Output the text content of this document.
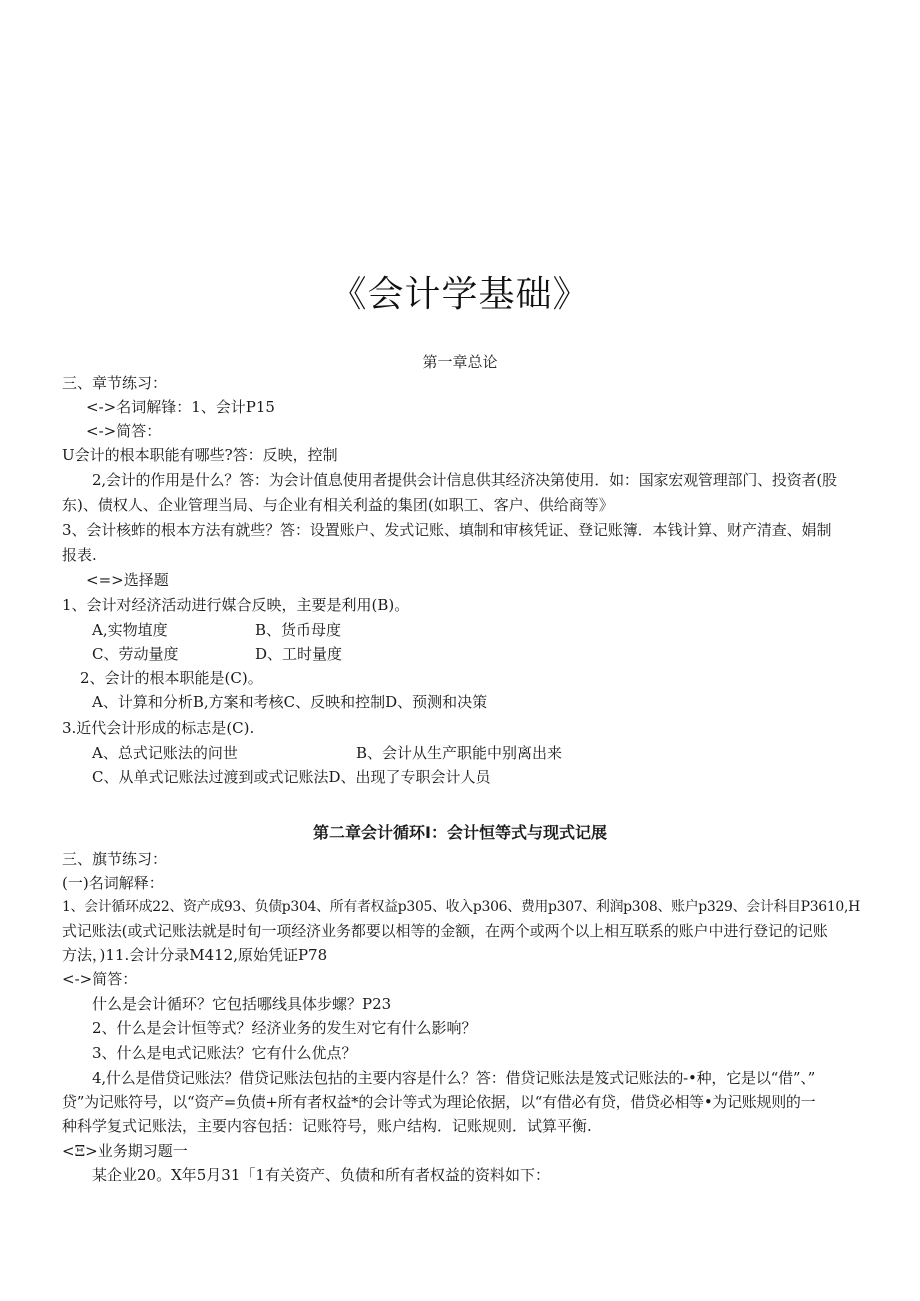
《会计学基础》
第一章总论
三、章节练习：
<->名词解锋：1、会计P15
<->简答：
U会计的根本职能有哪些?答：反映，控制
2,会计的作用是什么？答：为会计值息使用者提供会计信息供其经济决第使用．如：国家宏观管理部门、投资者(股
东)、债权人、企业管理当局、与企业有相关利益的集团(如职工、客户、供给商等》
3、会计核蚱的根本方法有就些？答：设置账户、发式记账、填制和审核凭证、登记账簿．本钱计算、财产清查、娟制
报表.
<=>选择题
1、会计对经济活动进行媒合反映，主要是利用(B)。
A,实物埴度	B、货币母度
C、劳动量度	D、工时量度
2、会计的根本职能是(C)。
A、计算和分析B,方案和考核C、反映和控制D、预测和决策
3.近代会计形成的标志是(C).
A、总式记账法的问世	B、会计从生产职能中别离出来
C、从单式记账法过渡到或式记账法D、出现了专职会计人员
第二章会计循环I：会计恒等式与现式记展
三、旗节练习：
(一)名词解释：
1、会计循环成22、资产成93、负债p304、所有者权益p305、收入p306、费用p307、利润p308、账户p329、会计科目P3610,H
式记账法(或式记账法就是时旬一项经济业务都要以相等的金额，在两个或两个以上相互联系的账户中进行登记的记账
方法，)11.会计分录M412,原始凭证P78
<->简答：
什么是会计循环？它包括哪线具体步螺？P23
2、什么是会计恒等式？经济业务的发生对它有什么影响？
3、什么是电式记账法？它有什么优点？
4,什么是借贷记账法？借贷记账法包拈的主要内容是什么？答：借贷记账法是笈式记账法的-•种，它是以“借”、”
贷”为记账符号，以“资产=负债+所有者权益*的会计等式为理论依据，以“有借必有贷，借贷必相等•为记账规则的一
种科学复式记账法，主要内容包括：记账符号，账户结构．记账规则．试算平衡.
<Ξ>业务期习题一
某企业20。X年5月31「1有关资产、负债和所有者权益的资料如下：
